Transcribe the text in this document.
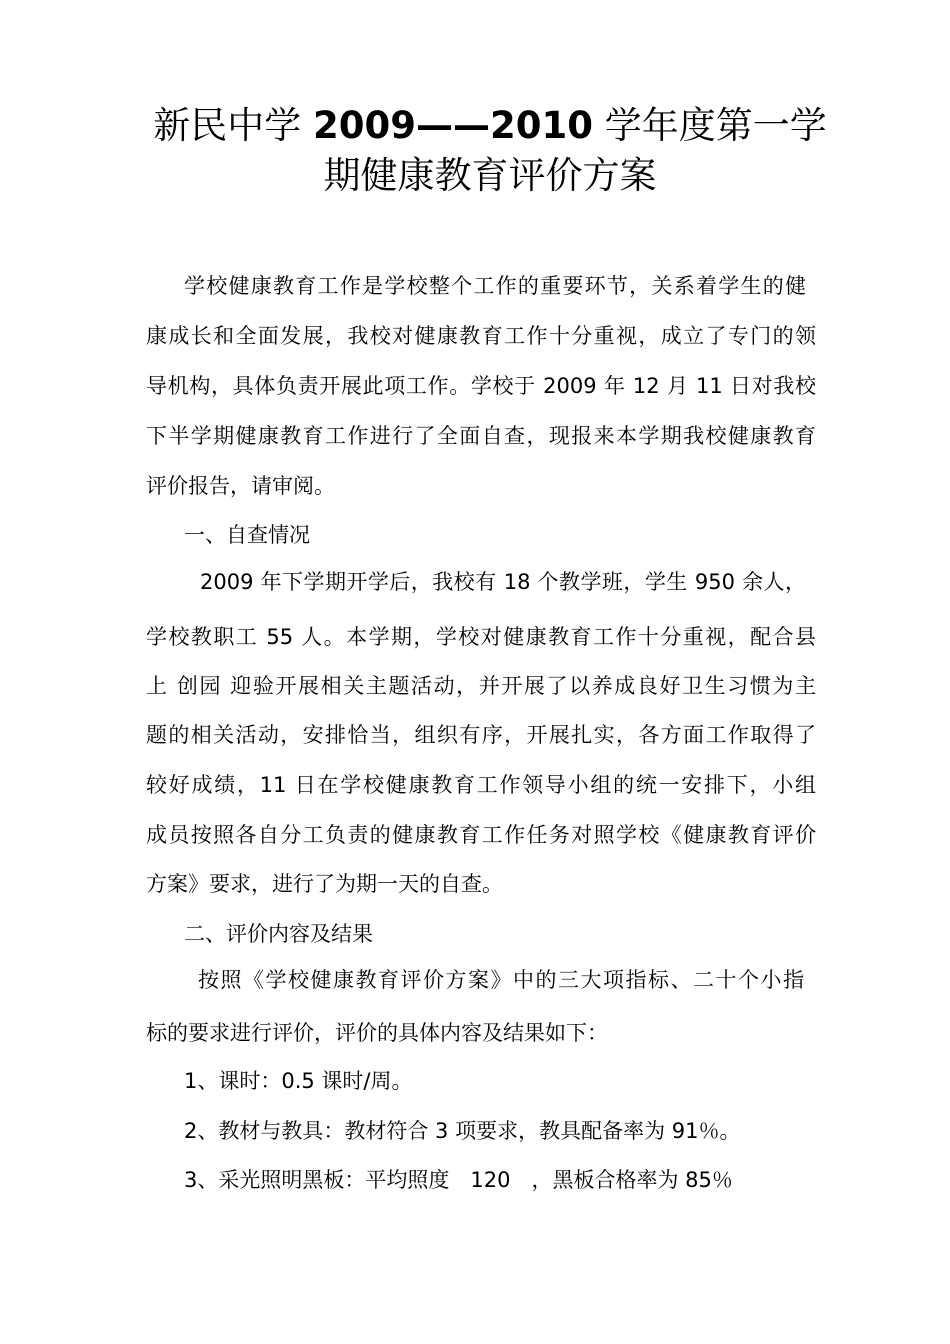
新民中学 2009——2010 学年度第一学
期健康教育评价方案

学校健康教育工作是学校整个工作的重要环节，关系着学生的健

康成长和全面发展，我校对健康教育工作十分重视，成立了专门的领

导机构，具体负责开展此项工作。学校于 2009 年 12 月 11 日对我校

下半学期健康教育工作进行了全面自查，现报来本学期我校健康教育

评价报告，请审阅。

一、自查情况

2009 年下学期开学后，我校有 18 个教学班，学生 950 余人，

学校教职工 55 人。本学期，学校对健康教育工作十分重视，配合县

上 创园 迎验开展相关主题活动，并开展了以养成良好卫生习惯为主

题的相关活动，安排恰当，组织有序，开展扎实，各方面工作取得了

较好成绩，11 日在学校健康教育工作领导小组的统一安排下，小组

成员按照各自分工负责的健康教育工作任务对照学校《健康教育评价

方案》要求，进行了为期一天的自查。

二、评价内容及结果

按照《学校健康教育评价方案》中的三大项指标、二十个小指

标的要求进行评价，评价的具体内容及结果如下：

1、课时：0.5 课时/周。

2、教材与教具：教材符合 3 项要求，教具配备率为 91％。

3、采光照明黑板：平均照度　120　，黑板合格率为 85％
